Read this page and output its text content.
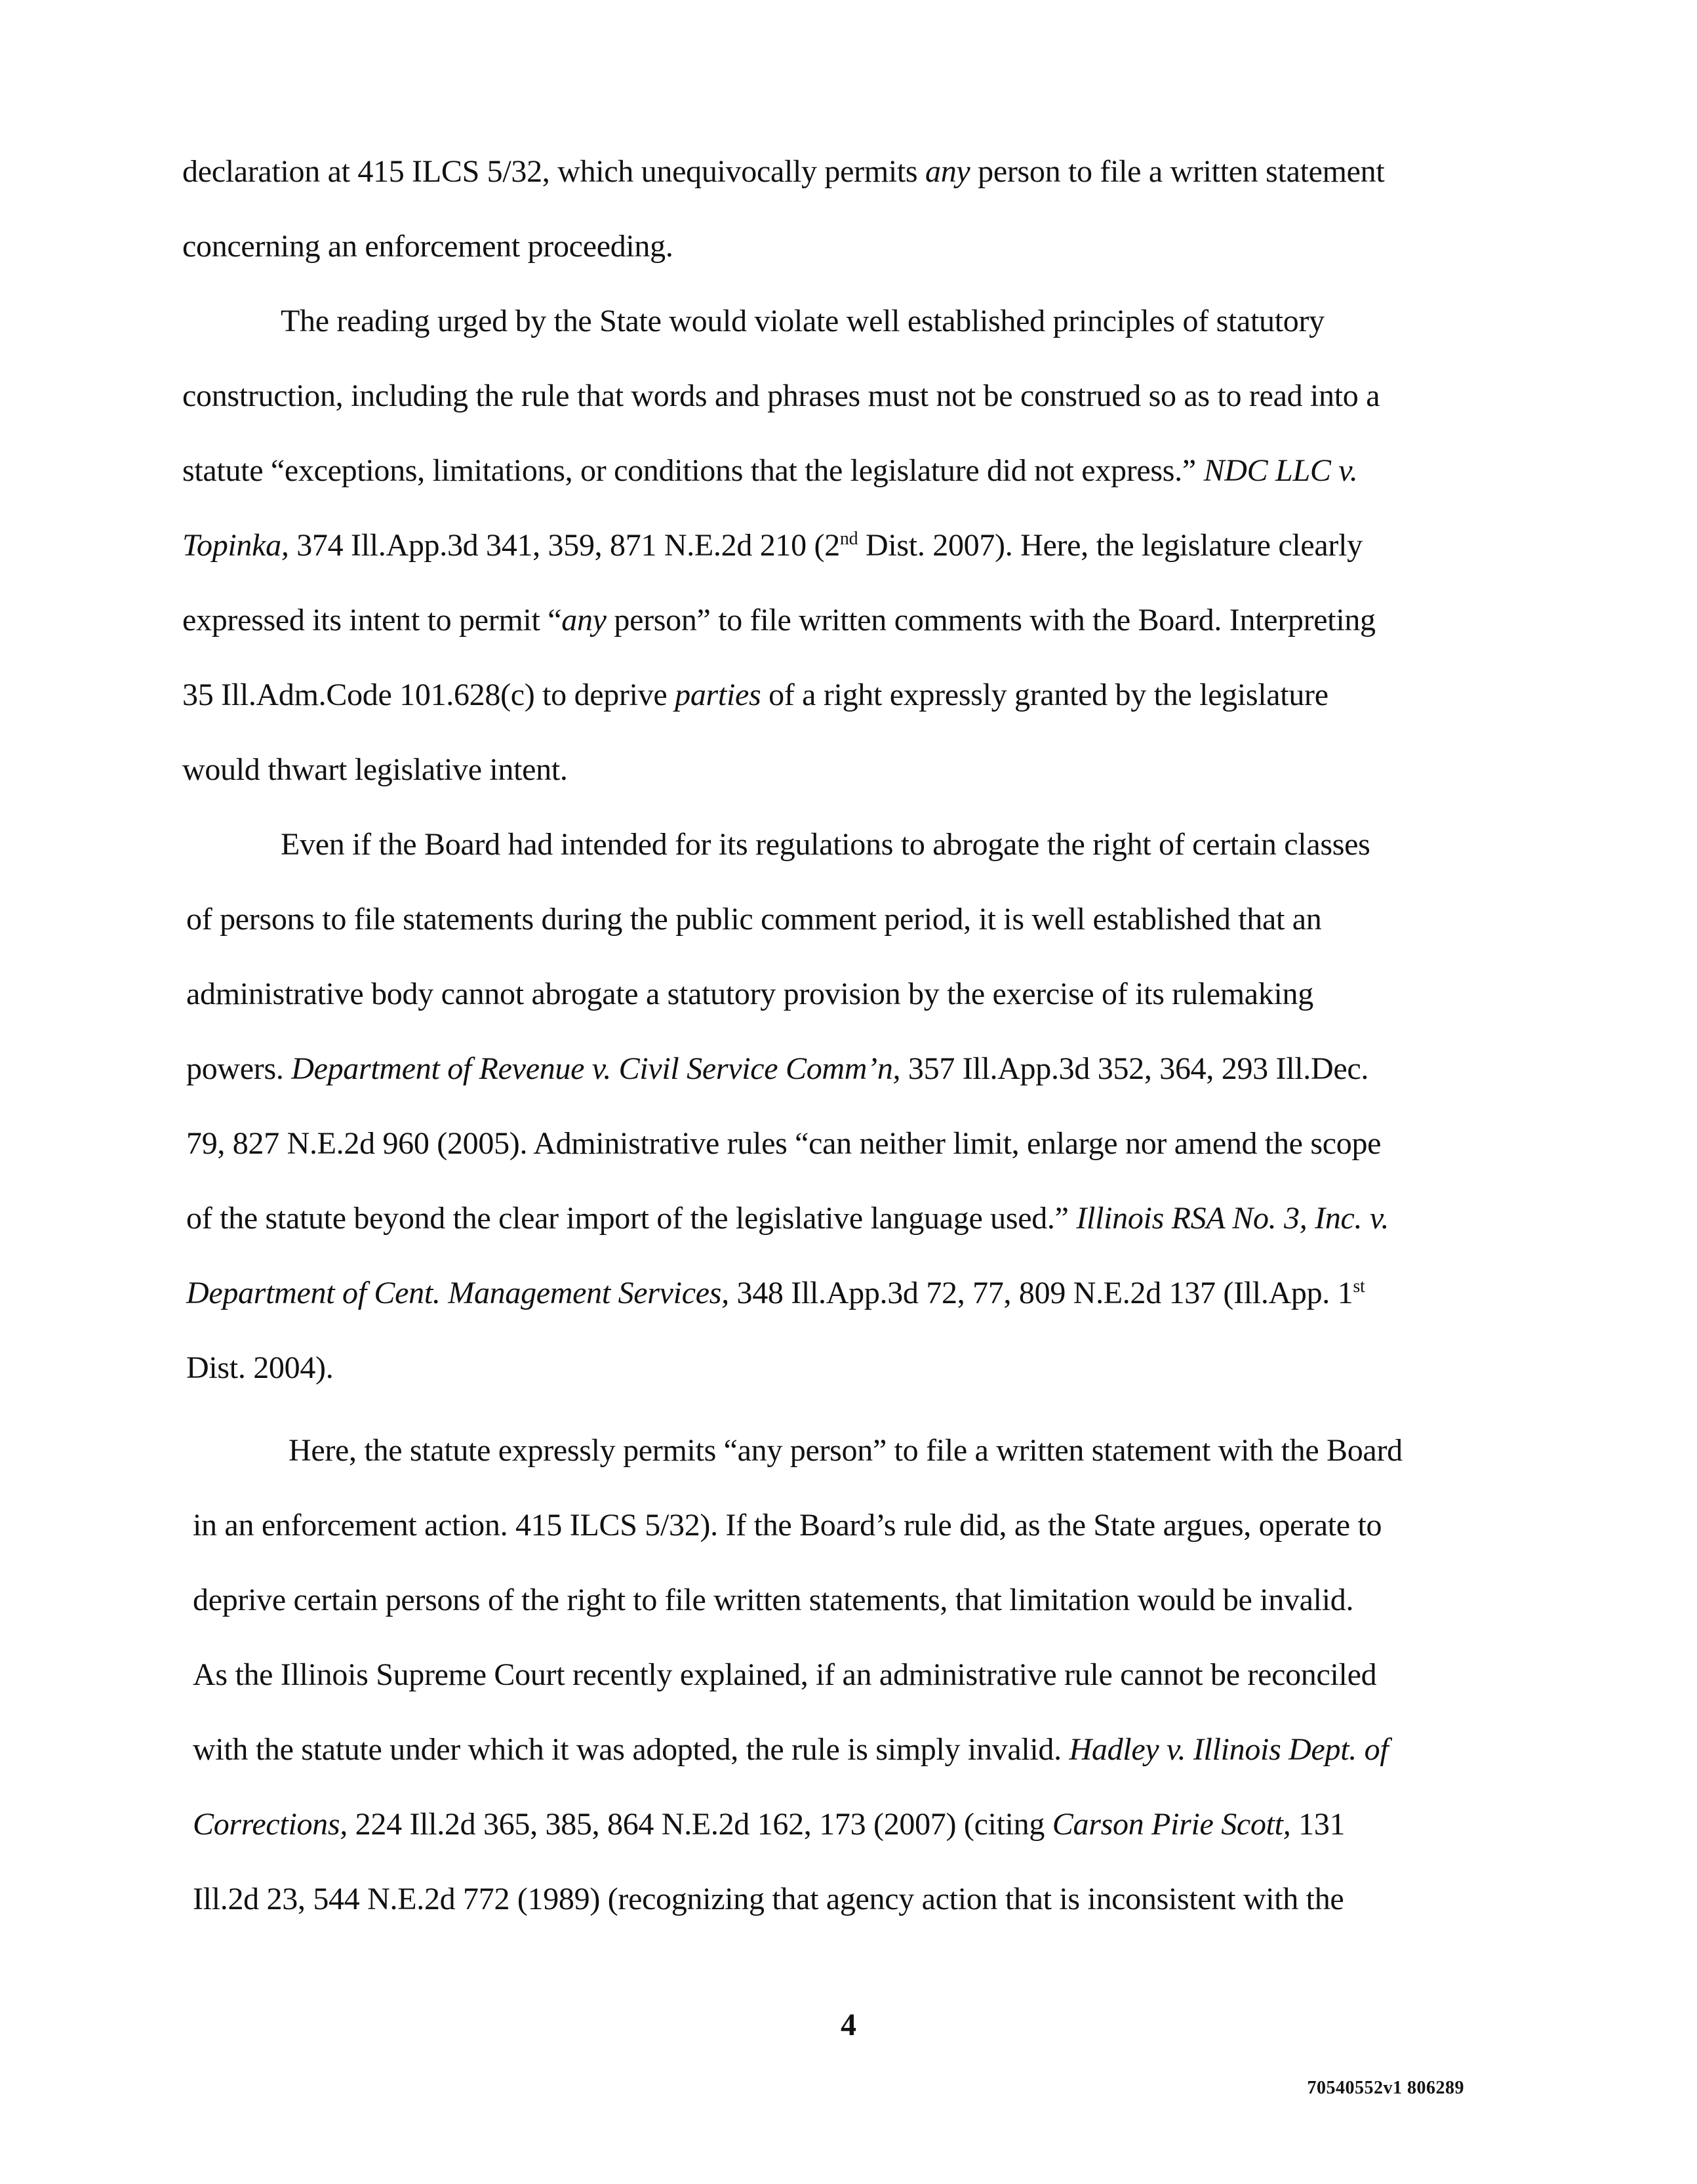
declaration at 415 ILCS 5/32, which unequivocally permits any person to file a written statement
concerning an enforcement proceeding.
The reading urged by the State would violate well established principles of statutory
construction, including the rule that words and phrases must not be construed so as to read into a
statute “exceptions, limitations, or conditions that the legislature did not express.” NDC LLC v.
Topinka, 374 Ill.App.3d 341, 359, 871 N.E.2d 210 (2nd Dist. 2007). Here, the legislature clearly
expressed its intent to permit “any person” to file written comments with the Board. Interpreting
35 Ill.Adm.Code 101.628(c) to deprive parties of a right expressly granted by the legislature
would thwart legislative intent.
Even if the Board had intended for its regulations to abrogate the right of certain classes
of persons to file statements during the public comment period, it is well established that an
administrative body cannot abrogate a statutory provision by the exercise of its rulemaking
powers. Department of Revenue v. Civil Service Comm’n, 357 Ill.App.3d 352, 364, 293 Ill.Dec.
79, 827 N.E.2d 960 (2005). Administrative rules “can neither limit, enlarge nor amend the scope
of the statute beyond the clear import of the legislative language used.” Illinois RSA No. 3, Inc. v.
Department of Cent. Management Services, 348 Ill.App.3d 72, 77, 809 N.E.2d 137 (Ill.App. 1st
Dist. 2004).
Here, the statute expressly permits “any person” to file a written statement with the Board
in an enforcement action. 415 ILCS 5/32). If the Board’s rule did, as the State argues, operate to
deprive certain persons of the right to file written statements, that limitation would be invalid.
As the Illinois Supreme Court recently explained, if an administrative rule cannot be reconciled
with the statute under which it was adopted, the rule is simply invalid. Hadley v. Illinois Dept. of
Corrections, 224 Ill.2d 365, 385, 864 N.E.2d 162, 173 (2007) (citing Carson Pirie Scott, 131
Ill.2d 23, 544 N.E.2d 772 (1989) (recognizing that agency action that is inconsistent with the
4
70540552v1 806289
